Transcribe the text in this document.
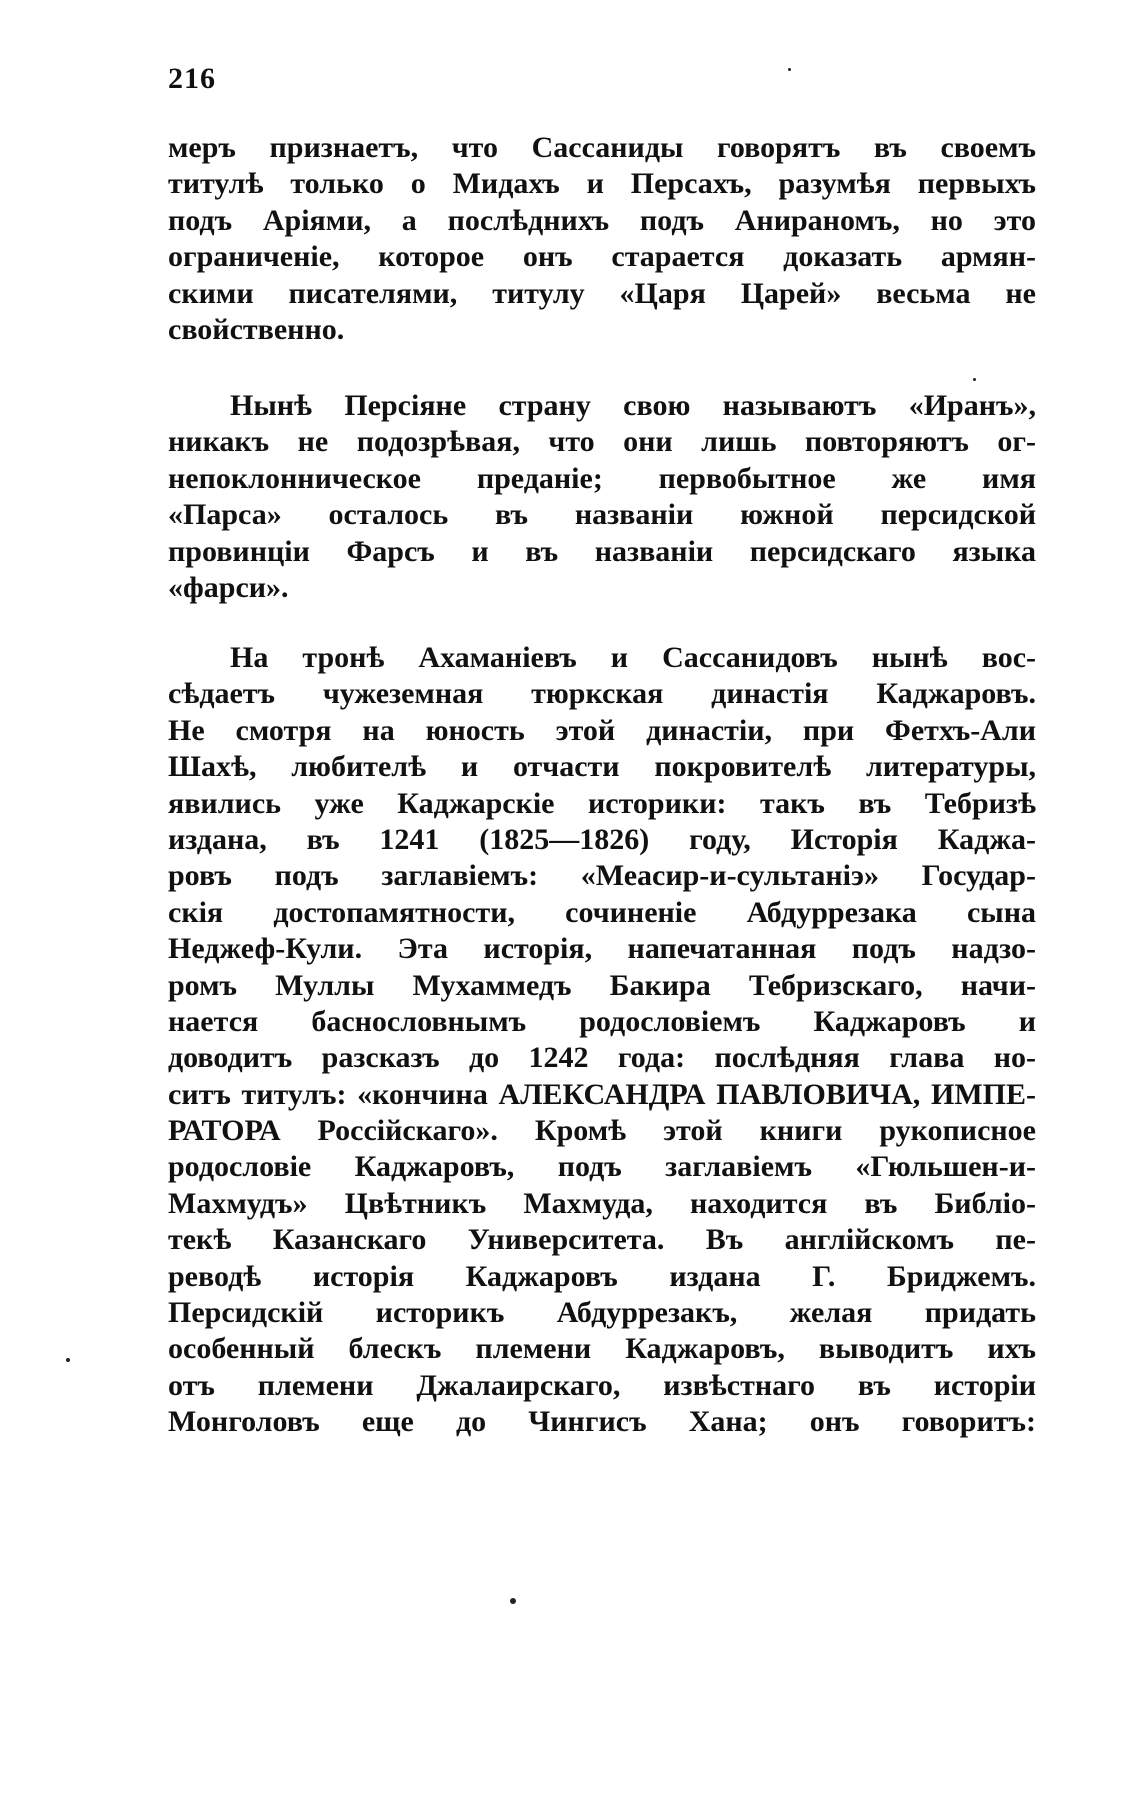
216
меръ признаетъ, что Сассаниды говорятъ въ своемъ
титулѣ только о Мидахъ и Персахъ, разумѣя первыхъ
подъ Аріями, а послѣднихъ подъ Анираномъ, но это
ограниченіе, которое онъ старается доказать армян-
скими писателями, титулу «Царя Царей» весьма не
свойственно.
Нынѣ Персіяне страну свою называютъ «Иранъ»,
никакъ не подозрѣвая, что они лишь повторяютъ ог-
непоклонническое преданіе; первобытное же имя
«Парса» осталось въ названіи южной персидской
провинціи Фарсъ и въ названіи персидскаго языка
«фарси».
На тронѣ Ахаманіевъ и Сассанидовъ нынѣ вос-
сѣдаетъ чужеземная тюркская династія Каджаровъ.
Не смотря на юность этой династіи, при Фетхъ-Али
Шахѣ, любителѣ и отчасти покровителѣ литературы,
явились уже Каджарскіе историки: такъ въ Тебризѣ
издана, въ 1241 (1825—1826) году, Исторія Каджа-
ровъ подъ заглавіемъ: «Меасир-и-сультаніэ» Государ-
скія достопамятности, сочиненіе Абдуррезака сына
Неджеф-Кули. Эта исторія, напечатанная подъ надзо-
ромъ Муллы Мухаммедъ Бакира Тебризскаго, начи-
нается баснословнымъ родословіемъ Каджаровъ и
доводитъ разсказъ до 1242 года: послѣдняя глава но-
ситъ титулъ: «кончина АЛЕКСАНДРА ПАВЛОВИЧА, ИМПЕ-
РАТОРА Россійскаго». Кромѣ этой книги рукописное
родословіе Каджаровъ, подъ заглавіемъ «Гюльшен-и-
Махмудъ» Цвѣтникъ Махмуда, находится въ Библіо-
текѣ Казанскаго Университета. Въ англійскомъ пе-
реводѣ исторія Каджаровъ издана Г. Бриджемъ.
Персидскій историкъ Абдуррезакъ, желая придать
особенный блескъ племени Каджаровъ, выводитъ ихъ
отъ племени Джалаирскаго, извѣстнаго въ исторіи
Монголовъ еще до Чингисъ Хана; онъ говоритъ:
